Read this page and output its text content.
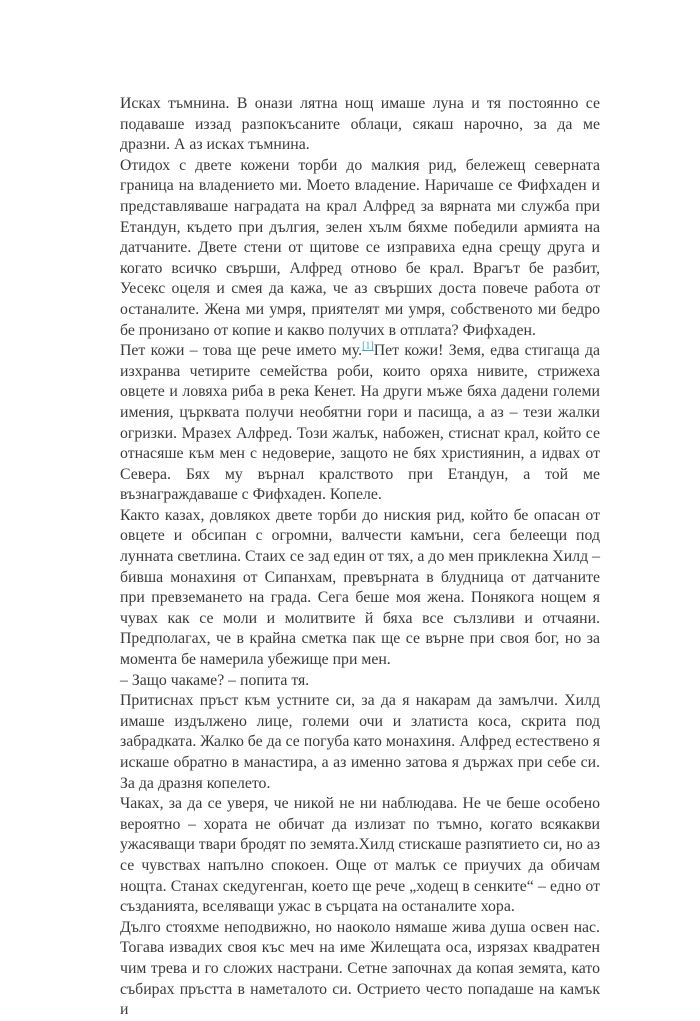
Исках тъмнина. В онази лятна нощ имаше луна и тя постоянно се подаваше иззад разпокъсаните облаци, сякаш нарочно, за да ме дразни. А аз исках тъмнина.

Отидох с двете кожени торби до малкия рид, бележещ северната граница на владението ми. Моето владение. Наричаше се Фифхаден и представляваше наградата на крал Алфред за вярната ми служба при Етандун, където при дългия, зелен хълм бяхме победили армията на датчаните. Двете стени от щитове се изправиха една срещу друга и когато всичко свърши, Алфред отново бе крал. Врагът бе разбит, Уесекс оцеля и смея да кажа, че аз свърших доста повече работа от останалите. Жена ми умря, приятелят ми умря, собственото ми бедро бе пронизано от копие и какво получих в отплата? Фифхаден.

Пет кожи – това ще рече името му.[1]Пет кожи! Земя, едва стигаща да изхранва четирите семейства роби, които оряха нивите, стрижеха овцете и ловяха риба в река Кенет. На други мъже бяха дадени големи имения, църквата получи необятни гори и пасища, а аз – тези жалки огризки. Мразех Алфред. Този жалък, набожен, стиснат крал, който се отнасяше към мен с недоверие, защото не бях християнин, а идвах от Севера. Бях му върнал кралството при Етандун, а той ме възнаграждаваше с Фифхаден. Копеле.

Както казах, довлякох двете торби до ниския рид, който бе опасан от овцете и обсипан с огромни, валчести камъни, сега белеещи под лунната светлина. Стаих се зад един от тях, а до мен приклекна Хилд – бивша монахиня от Сипанхам, превърната в блудница от датчаните при превземането на града. Сега беше моя жена. Понякога нощем я чувах как се моли и молитвите й бяха все сълзливи и отчаяни. Предполагах, че в крайна сметка пак ще се върне при своя бог, но за момента бе намерила убежище при мен.

– Защо чакаме? – попита тя.

Притиснах пръст към устните си, за да я накарам да замълчи. Хилд имаше издължено лице, големи очи и златиста коса, скрита под забрадката. Жалко бе да се погуба като монахиня. Алфред естествено я искаше обратно в манастира, а аз именно затова я държах при себе си. За да дразня копелето.

Чаках, за да се уверя, че никой не ни наблюдава. Не че беше особено вероятно – хората не обичат да излизат по тъмно, когато всякакви ужасяващи твари бродят по земята.Хилд стискаше разпятието си, но аз се чувствах напълно спокоен. Още от малък се приучих да обичам нощта. Станах скедугенган, което ще рече „ходещ в сенките“ – едно от създанията, вселяващи ужас в сърцата на останалите хора.

Дълго стояхме неподвижно, но наоколо нямаше жива душа освен нас. Тогава извадих своя къс меч на име Жилещата оса, изрязах квадратен чим трева и го сложих настрани. Сетне започнах да копая земята, като събирах пръстта в наметалото си. Острието често попадаше на камък и
